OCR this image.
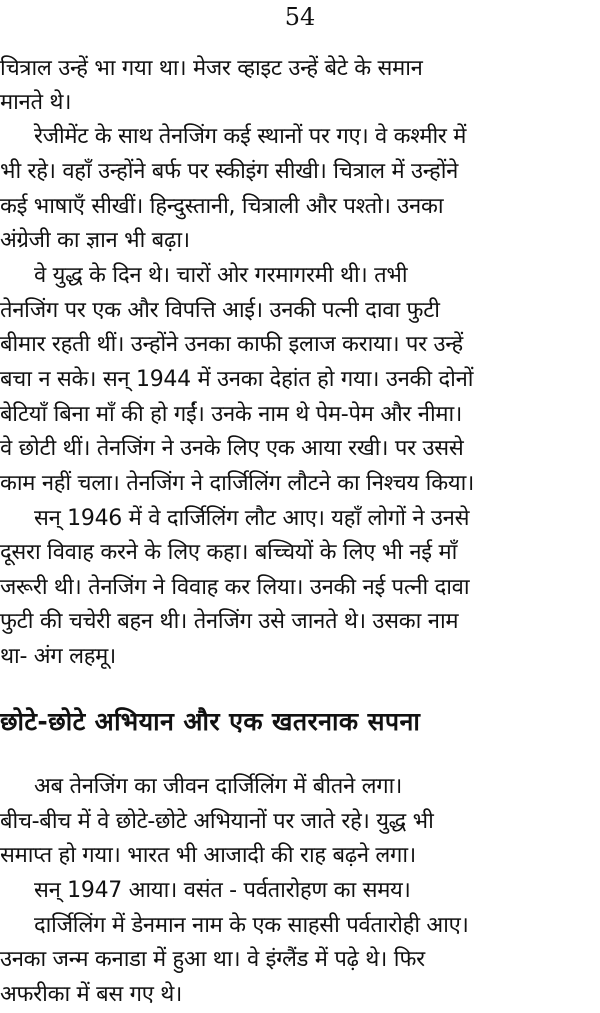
54
चित्राल उन्हें भा गया था। मेजर व्हाइट उन्हें बेटे के समान
मानते थे।
रेजीमेंट के साथ तेनजिंग कई स्थानों पर गए। वे कश्मीर में
भी रहे। वहाँ उन्होंने बर्फ पर स्कीइंग सीखी। चित्राल में उन्होंने
कई भाषाएँ सीखीं। हिन्दुस्तानी, चित्राली और पश्तो। उनका
अंग्रेजी का ज्ञान भी बढ़ा।
वे युद्ध के दिन थे। चारों ओर गरमागरमी थी। तभी
तेनजिंग पर एक और विपत्ति आई। उनकी पत्नी दावा फुटी
बीमार रहती थीं। उन्होंने उनका काफी इलाज कराया। पर उन्हें
बचा न सके। सन् 1944 में उनका देहांत हो गया। उनकी दोनों
बेटियाँ बिना माँ की हो गईं। उनके नाम थे पेम-पेम और नीमा।
वे छोटी थीं। तेनजिंग ने उनके लिए एक आया रखी। पर उससे
काम नहीं चला। तेनजिंग ने दार्जिलिंग लौटने का निश्चय किया।
सन् 1946 में वे दार्जिलिंग लौट आए। यहाँ लोगों ने उनसे
दूसरा विवाह करने के लिए कहा। बच्चियों के लिए भी नई माँ
जरूरी थी। तेनजिंग ने विवाह कर लिया। उनकी नई पत्नी दावा
फुटी की चचेरी बहन थी। तेनजिंग उसे जानते थे। उसका नाम
था- अंग लहमू।
छोटे-छोटे अभियान और एक खतरनाक सपना
अब तेनजिंग का जीवन दार्जिलिंग में बीतने लगा।
बीच-बीच में वे छोटे-छोटे अभियानों पर जाते रहे। युद्ध भी
समाप्त हो गया। भारत भी आजादी की राह बढ़ने लगा।
सन् 1947 आया। वसंत - पर्वतारोहण का समय।
दार्जिलिंग में डेनमान नाम के एक साहसी पर्वतारोही आए।
उनका जन्म कनाडा में हुआ था। वे इंग्लैंड में पढ़े थे। फिर
अफरीका में बस गए थे।
